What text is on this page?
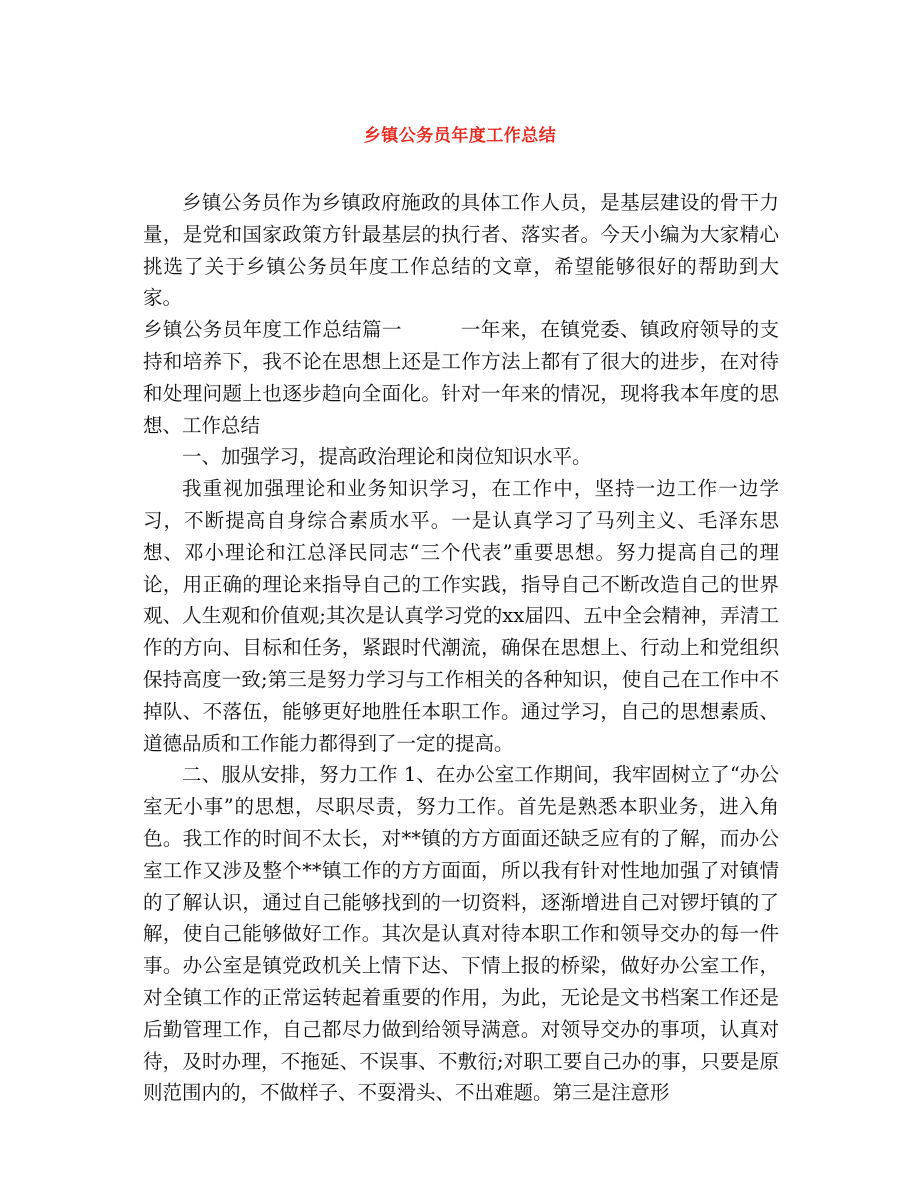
乡镇公务员年度工作总结

乡镇公务员作为乡镇政府施政的具体工作人员，是基层建设的骨干力量，是党和国家政策方针最基层的执行者、落实者。今天小编为大家精心挑选了关于乡镇公务员年度工作总结的文章，希望能够很好的帮助到大家。

乡镇公务员年度工作总结篇一	一年来，在镇党委、镇政府领导的支持和培养下，我不论在思想上还是工作方法上都有了很大的进步，在对待和处理问题上也逐步趋向全面化。针对一年来的情况，现将我本年度的思想、工作总结

一、加强学习，提高政治理论和岗位知识水平。

我重视加强理论和业务知识学习，在工作中，坚持一边工作一边学习，不断提高自身综合素质水平。一是认真学习了马列主义、毛泽东思想、邓小理论和江总泽民同志“三个代表”重要思想。努力提高自己的理论，用正确的理论来指导自己的工作实践，指导自己不断改造自己的世界观、人生观和价值观;其次是认真学习党的xx届四、五中全会精神，弄清工作的方向、目标和任务，紧跟时代潮流，确保在思想上、行动上和党组织保持高度一致;第三是努力学习与工作相关的各种知识，使自己在工作中不掉队、不落伍，能够更好地胜任本职工作。通过学习，自己的思想素质、道德品质和工作能力都得到了一定的提高。

二、服从安排，努力工作 1、在办公室工作期间，我牢固树立了“办公室无小事”的思想，尽职尽责，努力工作。首先是熟悉本职业务，进入角色。我工作的时间不太长，对**镇的方方面面还缺乏应有的了解，而办公室工作又涉及整个**镇工作的方方面面，所以我有针对性地加强了对镇情的了解认识，通过自己能够找到的一切资料，逐渐增进自己对锣圩镇的了解，使自己能够做好工作。其次是认真对待本职工作和领导交办的每一件事。办公室是镇党政机关上情下达、下情上报的桥梁，做好办公室工作，对全镇工作的正常运转起着重要的作用，为此，无论是文书档案工作还是后勤管理工作，自己都尽力做到给领导满意。对领导交办的事项，认真对待，及时办理，不拖延、不误事、不敷衍;对职工要自己办的事，只要是原则范围内的，不做样子、不耍滑头、不出难题。第三是注意形
